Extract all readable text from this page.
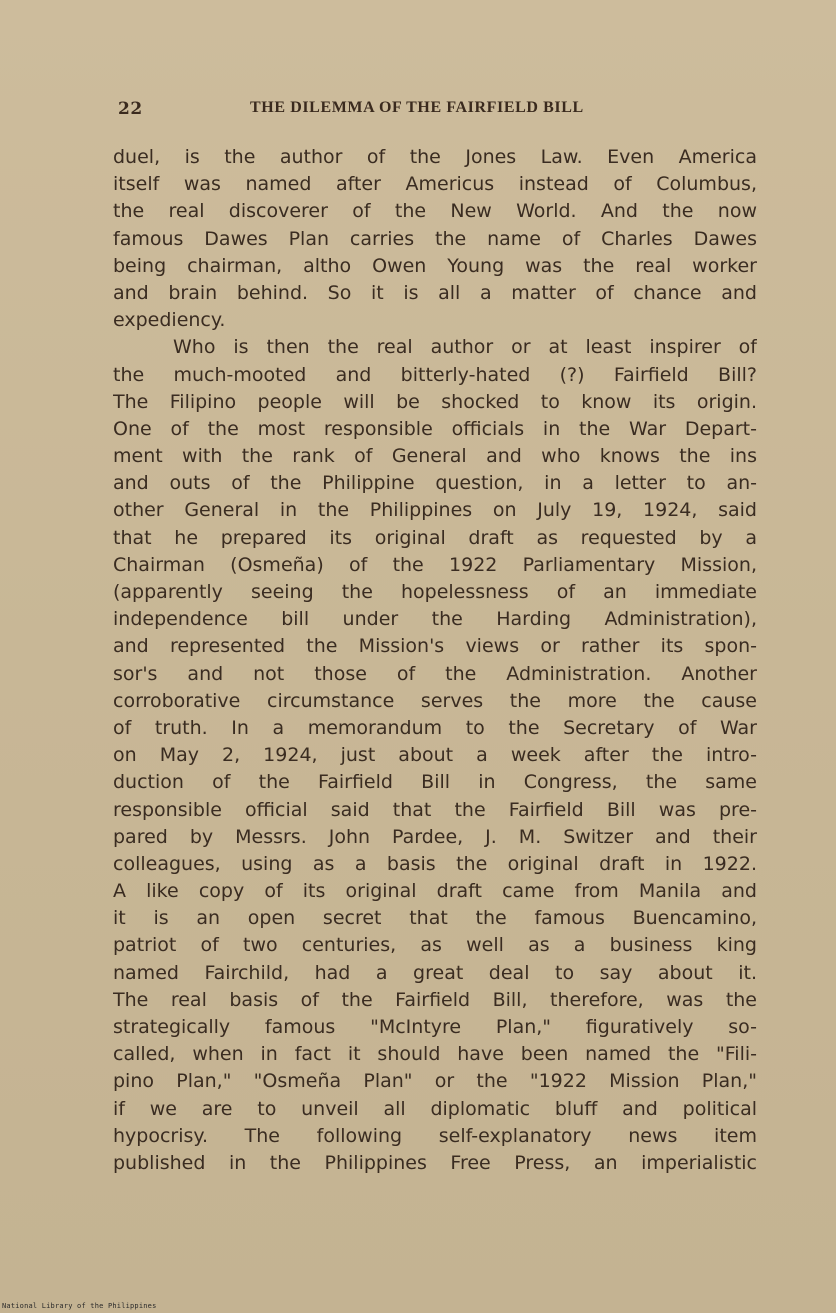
22	THE DILEMMA OF THE FAIRFIELD BILL
duel, is the author of the Jones Law. Even America
itself was named after Americus instead of Columbus,
the real discoverer of the New World. And the now
famous Dawes Plan carries the name of Charles Dawes
being chairman, altho Owen Young was the real worker
and brain behind. So it is all a matter of chance and
expediency.
Who is then the real author or at least inspirer of
the much-mooted and bitterly-hated (?) Fairfield Bill?
The Filipino people will be shocked to know its origin.
One of the most responsible officials in the War Depart-
ment with the rank of General and who knows the ins
and outs of the Philippine question, in a letter to an-
other General in the Philippines on July 19, 1924, said
that he prepared its original draft as requested by a
Chairman (Osmeña) of the 1922 Parliamentary Mission,
(apparently seeing the hopelessness of an immediate
independence bill under the Harding Administration),
and represented the Mission's views or rather its spon-
sor's and not those of the Administration. Another
corroborative circumstance serves the more the cause
of truth. In a memorandum to the Secretary of War
on May 2, 1924, just about a week after the intro-
duction of the Fairfield Bill in Congress, the same
responsible official said that the Fairfield Bill was pre-
pared by Messrs. John Pardee, J. M. Switzer and their
colleagues, using as a basis the original draft in 1922.
A like copy of its original draft came from Manila and
it is an open secret that the famous Buencamino,
patriot of two centuries, as well as a business king
named Fairchild, had a great deal to say about it.
The real basis of the Fairfield Bill, therefore, was the
strategically famous "McIntyre Plan," figuratively so-
called, when in fact it should have been named the "Fili-
pino Plan," "Osmeña Plan" or the "1922 Mission Plan,"
if we are to unveil all diplomatic bluff and political
hypocrisy. The following self-explanatory news item
published in the Philippines Free Press, an imperialistic
National Library of the Philippines
